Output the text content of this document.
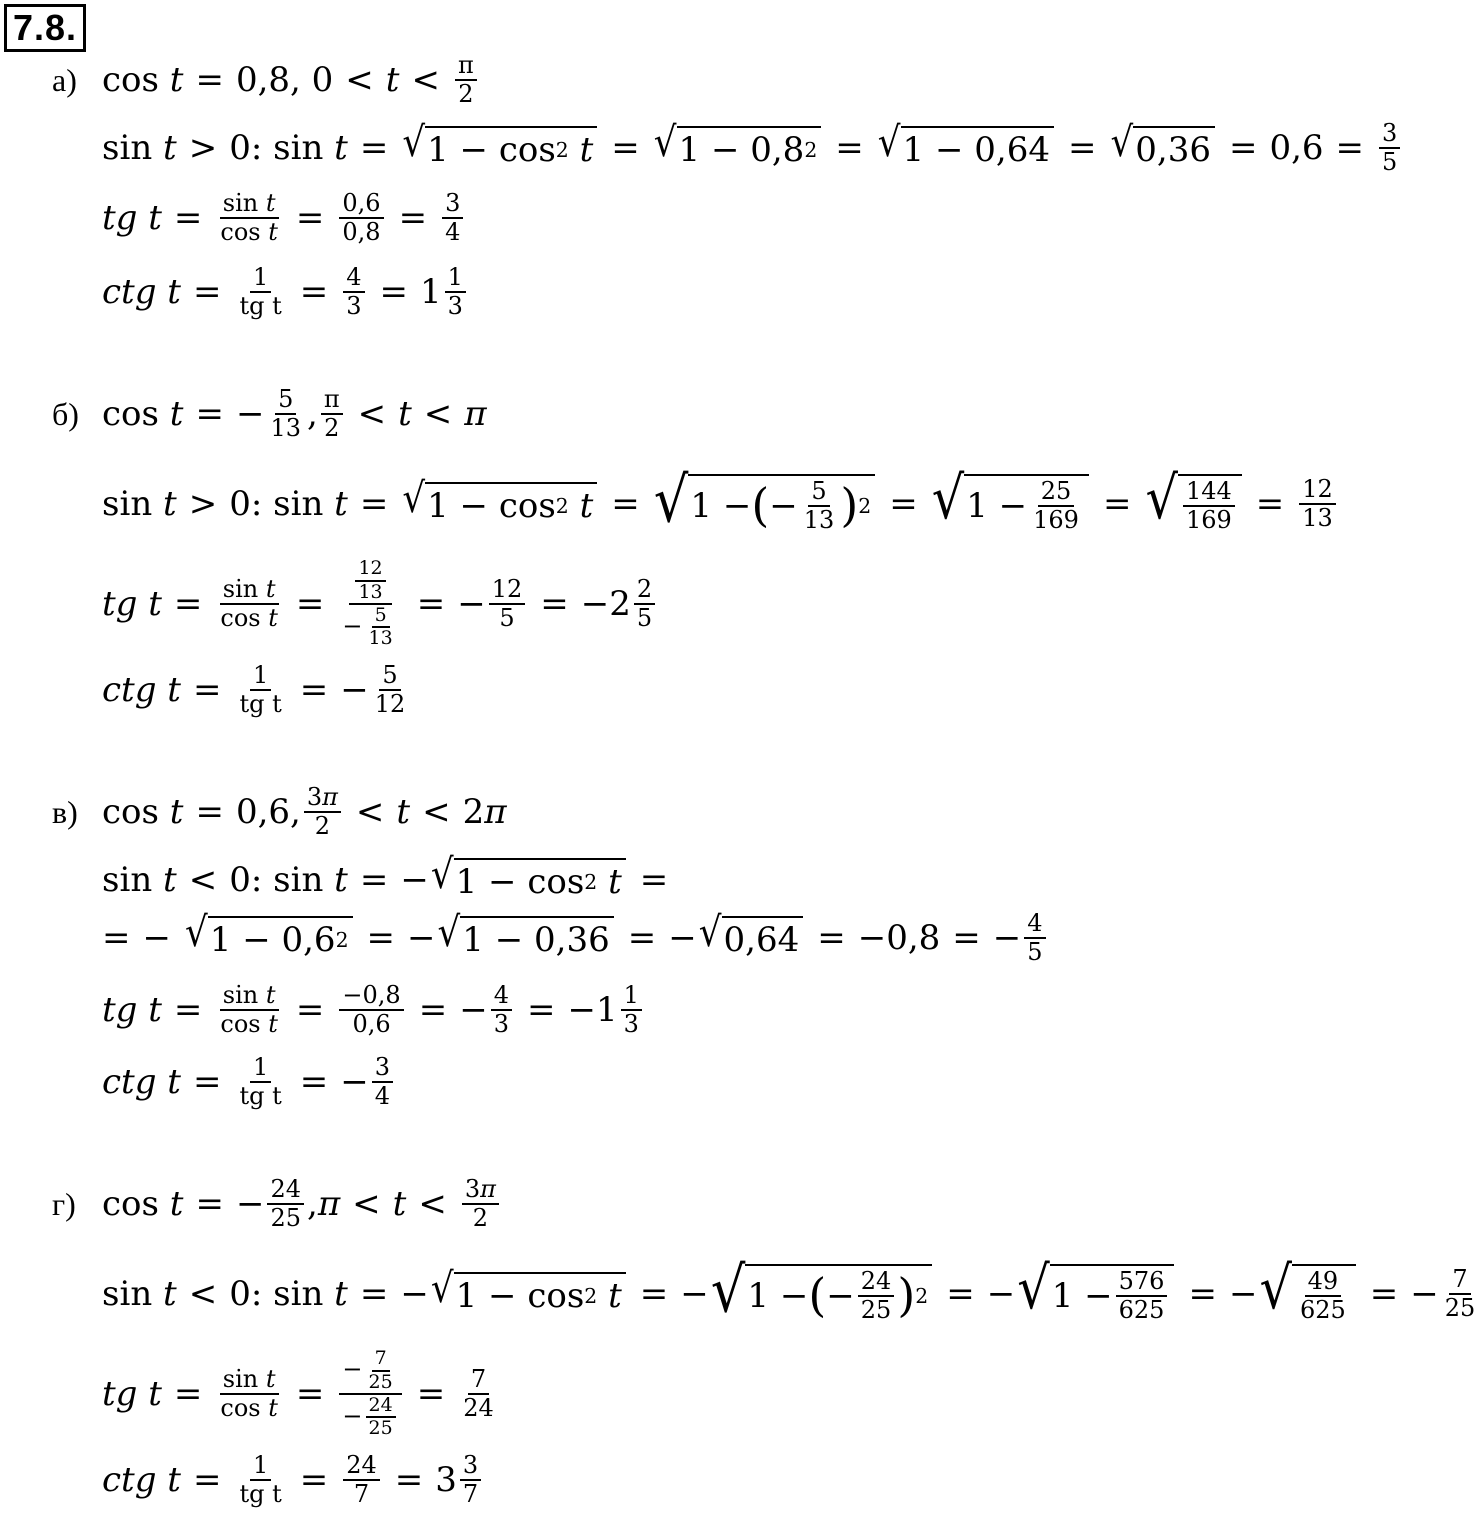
7.8.
а) cos
t = 0,8, $0 < t < \frac{\pi}{2}$
sin
t > 0: sin
t = √ 1 − cos 2
t = √ 1 − 0,8 2 = √ 1 − 0,64 = √ $0,36 = 0,6 = \frac{3}{5}$
tg $t = \frac{\text{sin t}}{\text{cos t}} = \frac{0,6}{0,8} = \frac{3}{4}$
ctg $t = \frac{1}{\text{tg t}} = \frac{4}{3} = 1 \frac{1}{3}$
б) cos
t = − $\frac{5}{13}$ , $\frac{\pi}{2} < t < \pi$
sin
t > 0: sin
t = √ 1 − cos 2
t = √ 1 − ( − $\frac{5}{13}$ ) 2 = √ $1 - \frac{25}{169}$ = √ $\frac{144}{169} = \frac{12}{13}$
tg $t = \frac{\text{sin t}}{\text{cos t}} = \frac{\frac{12}{13}}{- \frac{5}{13}}$ = − $\frac{12}{5} = -2 \frac{2}{5}$
ctg $t = \frac{1}{\text{tg t}}$ = − $\frac{5}{12}$
в) cos
t = 0,6, $\frac{3\pi}{2} < t < 2$ π
sin
t < 0: sin
t = − √ 1 − cos 2
t =
= − √ 1 − 0,6 2 = − √ 1 − 0,36 = − √ 0,64 = −0,8 = − $\frac{4}{5}$
tg $t = \frac{\text{sin t}}{\text{cos t}} = \frac{-0,8}{0,6}$ = − $\frac{4}{3} = -1 \frac{1}{3}$
ctg $t = \frac{1}{\text{tg t}}$ = − $\frac{3}{4}$
г) cos
t = − $\frac{24}{25}$ , $\pi < t < \frac{3\pi}{2}$
sin
t < 0: sin
t = − √ 1 − cos 2
t = − √ 1 − ( − $\frac{24}{25}$ ) 2 = − √ $1 - \frac{576}{625}$ = − √ $\frac{49}{625}$ = − $\frac{7}{25}$
tg $t = \frac{\text{sin t}}{\text{cos t}} = \frac{- \frac{7}{25}}{- \frac{24}{25}} = \frac{7}{24}$
ctg $t = \frac{1}{\text{tg t}} = \frac{24}{7} = 3 \frac{3}{7}$
